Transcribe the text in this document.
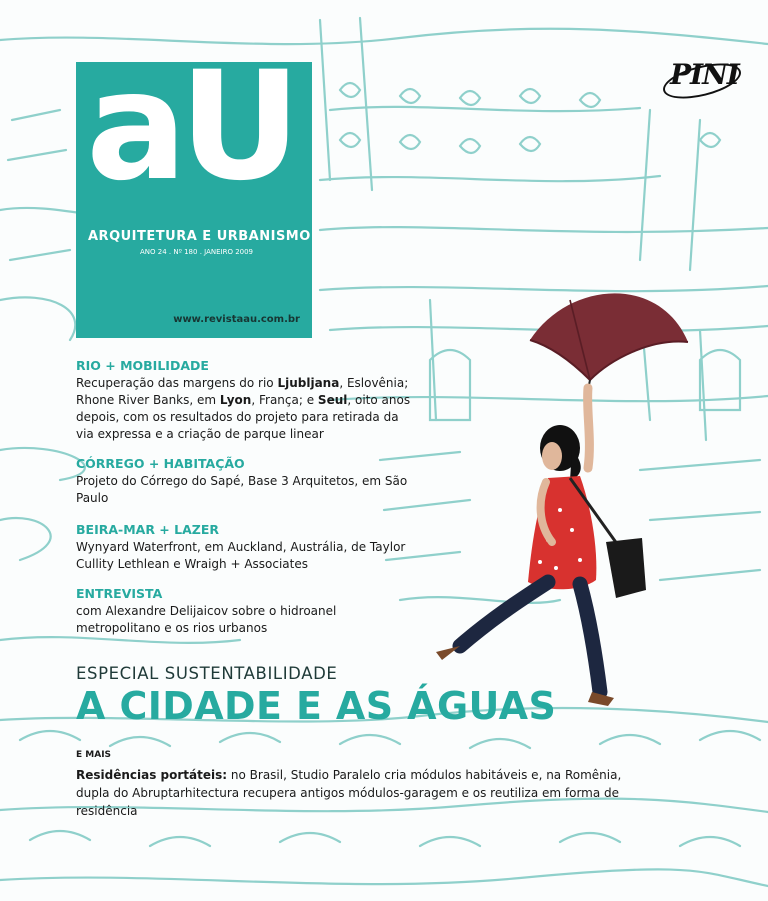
aU
ARQUITETURA E URBANISMO
ANO 24 . Nº 180 . JANEIRO 2009
www.revistaau.com.br
PINI
RIO + MOBILIDADE

Recuperação das margens do rio Ljubljana, Eslovênia; Rhone River Banks, em Lyon, França; e Seul, oito anos depois, com os resultados do projeto para retirada da via expressa e a criação de parque linear

CÓRREGO + HABITAÇÃO

Projeto do Córrego do Sapé, Base 3 Arquitetos, em São Paulo

BEIRA-MAR + LAZER

Wynyard Waterfront, em Auckland, Austrália, de Taylor Cullity Lethlean e Wraigh + Associates

ENTREVISTA

com Alexandre Delijaicov sobre o hidroanel metropolitano e os rios urbanos

ESPECIAL SUSTENTABILIDADE
A CIDADE E AS ÁGUAS
E MAIS
Residências portáteis: no Brasil, Studio Paralelo cria módulos habitáveis e, na Romênia, dupla do Abruptarhitectura recupera antigos módulos-garagem e os reutiliza em forma de residência
